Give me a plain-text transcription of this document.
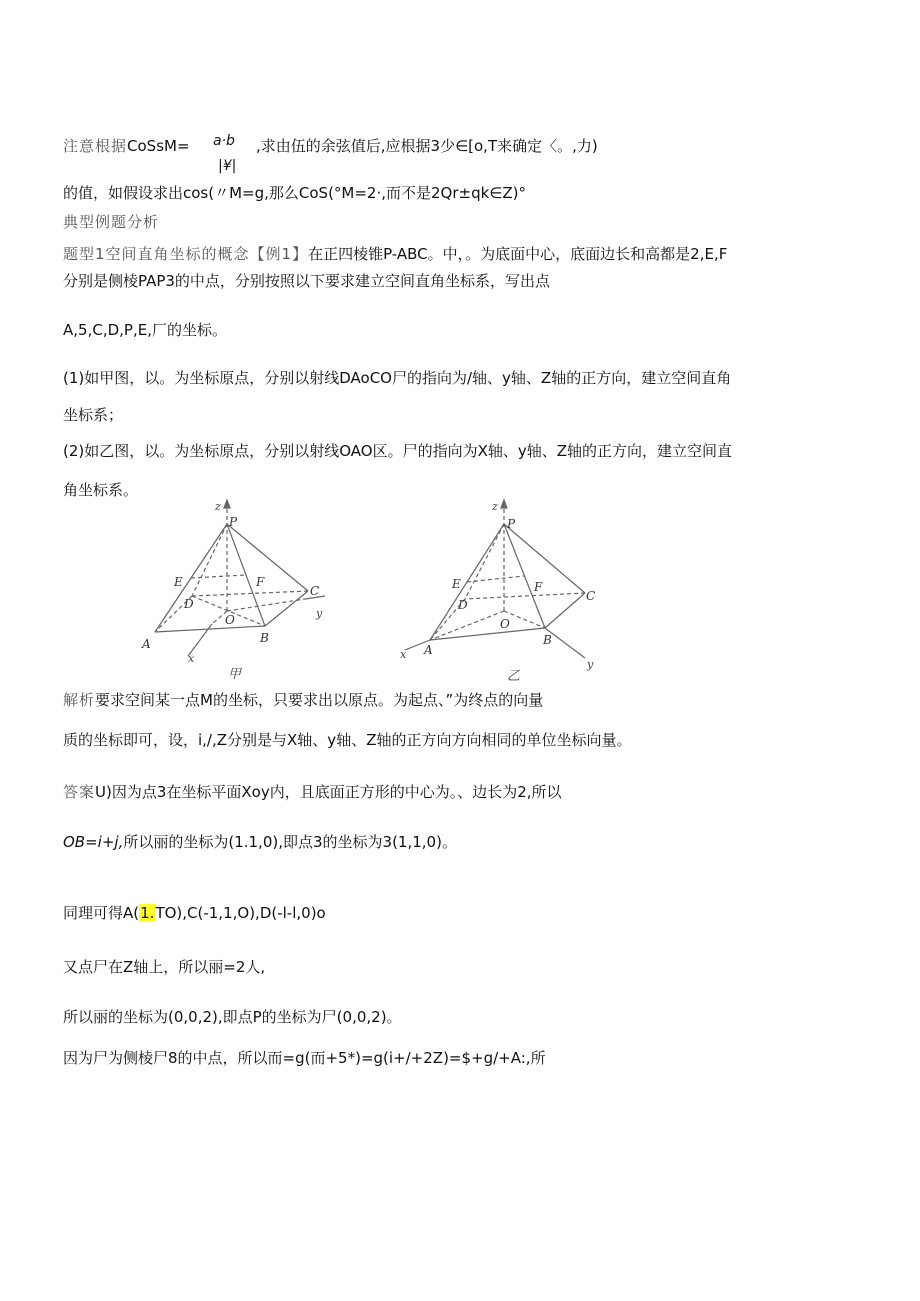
注意根据CoSsM= a·b
|¥|
,求由伍的余弦值后,应根据3少∈[o,T来确定〈。,力)
的值，如假设求出cos(〃M=g,那么CoS(°M=2·,而不是2Qr±qk∈Z)°
典型例题分析
题型1空间直角坐标的概念【例1】在正四棱锥P-ABC。中，。为底面中心，底面边长和高都是2,E,F
分别是侧棱PAP3的中点，分别按照以下要求建立空间直角坐标系，写出点
A,5,C,D,P,E,厂的坐标。
(1)如甲图，以。为坐标原点，分别以射线DAoCO尸的指向为/轴、y轴、Z轴的正方向，建立空间直角
坐标系；
(2)如乙图，以。为坐标原点，分别以射线OAO区。尸的指向为X轴、y轴、Z轴的正方向，建立空间直
角坐标系。
z
P
E	F
D
C
O	y
A	B
x
甲
z
P
E	F
D
C
O
x A
B
y
乙
解析要求空间某一点M的坐标，只要求出以原点。为起点、”为终点的向量
质的坐标即可，设，i,/,Z分别是与X轴、y轴、Z轴的正方向方向相同的单位坐标向量。
答案U)因为点3在坐标平面Xoy内，且底面正方形的中心为。、边长为2,所以
OB=i+j,所以丽的坐标为(1.1,0),即点3的坐标为3(1,1,0)。
同理可得A(1.TO),C(-1,1,O),D(-l-l,0)o
又点尸在Z轴上，所以丽=2人,
所以丽的坐标为(0,0,2),即点P的坐标为尸(0,0,2)。
因为尸为侧棱尸8的中点，所以而=g(而+5*)=g(i+/+2Z)=$+g/+A:,所
